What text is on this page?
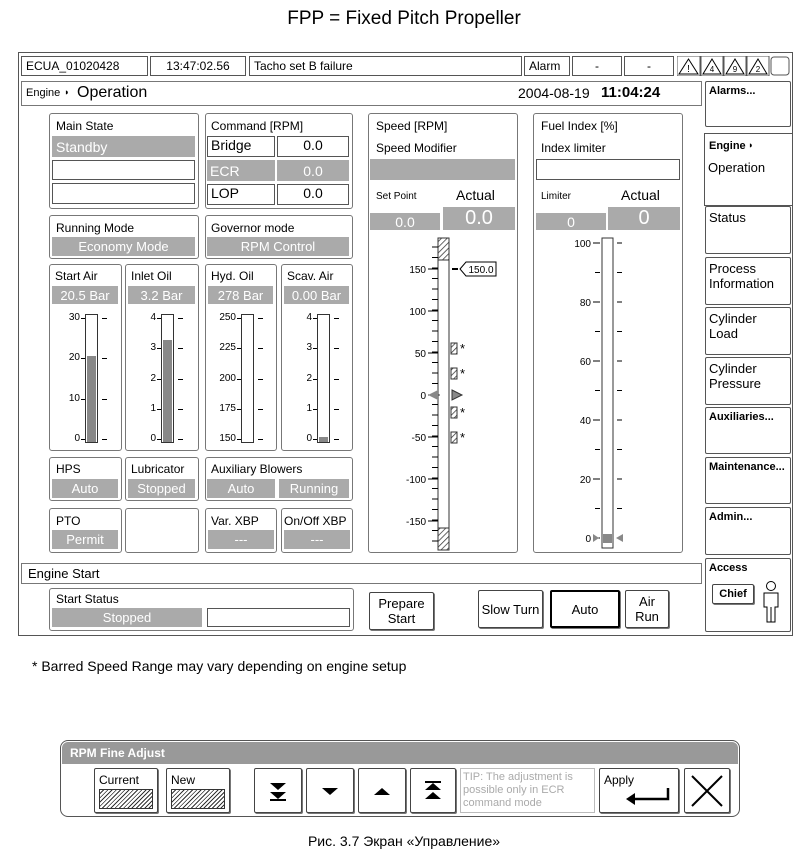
FPP = Fixed Pitch Propeller
ECUA_01020428	13:47:02.56	Tacho set B failure	Alarm	-	-	! 4 9 2
Engine ◗ Operation	2004-08-19 11:04:24
Main State
Standby
Command [RPM]
Bridge	0.0
ECR	0.0
LOP	0.0
Running Mode
Economy Mode
Governor mode
RPM Control
Start Air
20.5 Bar
30
20
10
0
Inlet Oil
3.2 Bar
4
3
2
1
0
Hyd. Oil
278 Bar
250
225
200
175
150
Scav. Air
0.00 Bar
4
3
2
1
0
HPS
Auto
Lubricator
Stopped
Auxiliary Blowers
Auto	Running
PTO
Permit
Var. XBP
---
On/Off XBP
---
Speed [RPM]
Speed Modifier
Set Point	Actual
0.0	0.0
150
100
50
0
-50
-100
-150
150.0
*
*
*
*
Fuel Index [%]
Index limiter
Limiter	Actual
0	0
100
80
60
40
20
0
Engine Start
Start Status
Stopped
Prepare
Start
Slow Turn	Auto	Air
Run
Alarms...
Engine ◗
Operation
Status
Process
Information
Cylinder
Load
Cylinder
Pressure
Auxiliaries...
Maintenance...
Admin...
Access
Chief
* Barred Speed Range may vary depending on engine setup
RPM Fine Adjust
Current	New	TIP: The adjustment is possible only in ECR command mode
Apply
Рис. 3.7 Экран «Управление»
